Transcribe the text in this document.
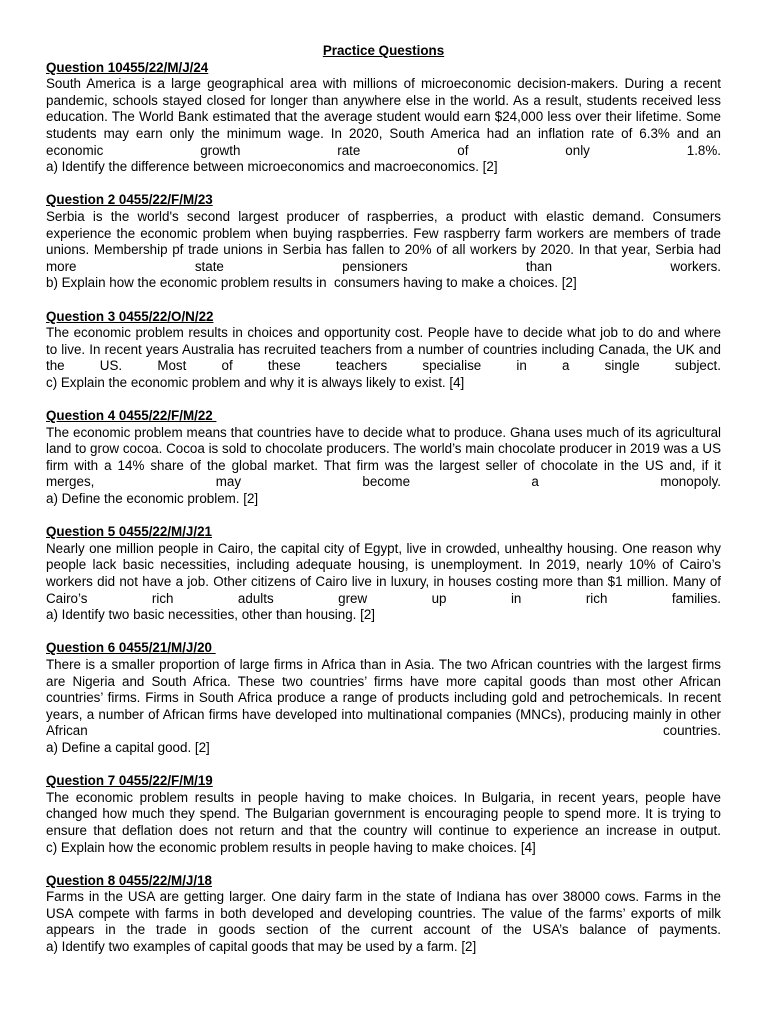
Practice Questions

Question 10455/22/M/J/24

South America is a large geographical area with millions of microeconomic decision-makers. During a recent pandemic, schools stayed closed for longer than anywhere else in the world. As a result, students received less education. The World Bank estimated that the average student would earn $24,000 less over their lifetime. Some students may earn only the minimum wage. In 2020, South America had an inflation rate of 6.3% and an economic growth rate of only 1.8%.

a) Identify the difference between microeconomics and macroeconomics. [2]

Question 2 0455/22/F/M/23

Serbia is the world's second largest producer of raspberries, a product with elastic demand. Consumers experience the economic problem when buying raspberries. Few raspberry farm workers are members of trade unions. Membership pf trade unions in Serbia has fallen to 20% of all workers by 2020. In that year, Serbia had more state pensioners than workers.

b) Explain how the economic problem results in  consumers having to make a choices. [2]

Question 3 0455/22/O/N/22

The economic problem results in choices and opportunity cost. People have to decide what job to do and where to live. In recent years Australia has recruited teachers from a number of countries including Canada, the UK and the US. Most of these teachers specialise in a single subject.

c) Explain the economic problem and why it is always likely to exist. [4]

Question 4 0455/22/F/M/22

The economic problem means that countries have to decide what to produce. Ghana uses much of its agricultural land to grow cocoa. Cocoa is sold to chocolate producers. The world’s main chocolate producer in 2019 was a US firm with a 14% share of the global market. That firm was the largest seller of chocolate in the US and, if it merges, may become a monopoly.

a) Define the economic problem. [2]

Question 5 0455/22/M/J/21

Nearly one million people in Cairo, the capital city of Egypt, live in crowded, unhealthy housing. One reason why people lack basic necessities, including adequate housing, is unemployment. In 2019, nearly 10% of Cairo’s workers did not have a job. Other citizens of Cairo live in luxury, in houses costing more than $1 million. Many of Cairo’s rich adults grew up in rich families.

a) Identify two basic necessities, other than housing. [2]

Question 6 0455/21/M/J/20

There is a smaller proportion of large firms in Africa than in Asia. The two African countries with the largest firms are Nigeria and South Africa. These two countries’ firms have more capital goods than most other African countries’ firms. Firms in South Africa produce a range of products including gold and petrochemicals. In recent years, a number of African firms have developed into multinational companies (MNCs), producing mainly in other African countries.

a) Define a capital good. [2]

Question 7 0455/22/F/M/19

The economic problem results in people having to make choices. In Bulgaria, in recent years, people have changed how much they spend. The Bulgarian government is encouraging people to spend more. It is trying to ensure that deflation does not return and that the country will continue to experience an increase in output.

c) Explain how the economic problem results in people having to make choices. [4]

Question 8 0455/22/M/J/18

Farms in the USA are getting larger. One dairy farm in the state of Indiana has over 38000 cows. Farms in the USA compete with farms in both developed and developing countries. The value of the farms’ exports of milk appears in the trade in goods section of the current account of the USA’s balance of payments.

a) Identify two examples of capital goods that may be used by a farm. [2]
